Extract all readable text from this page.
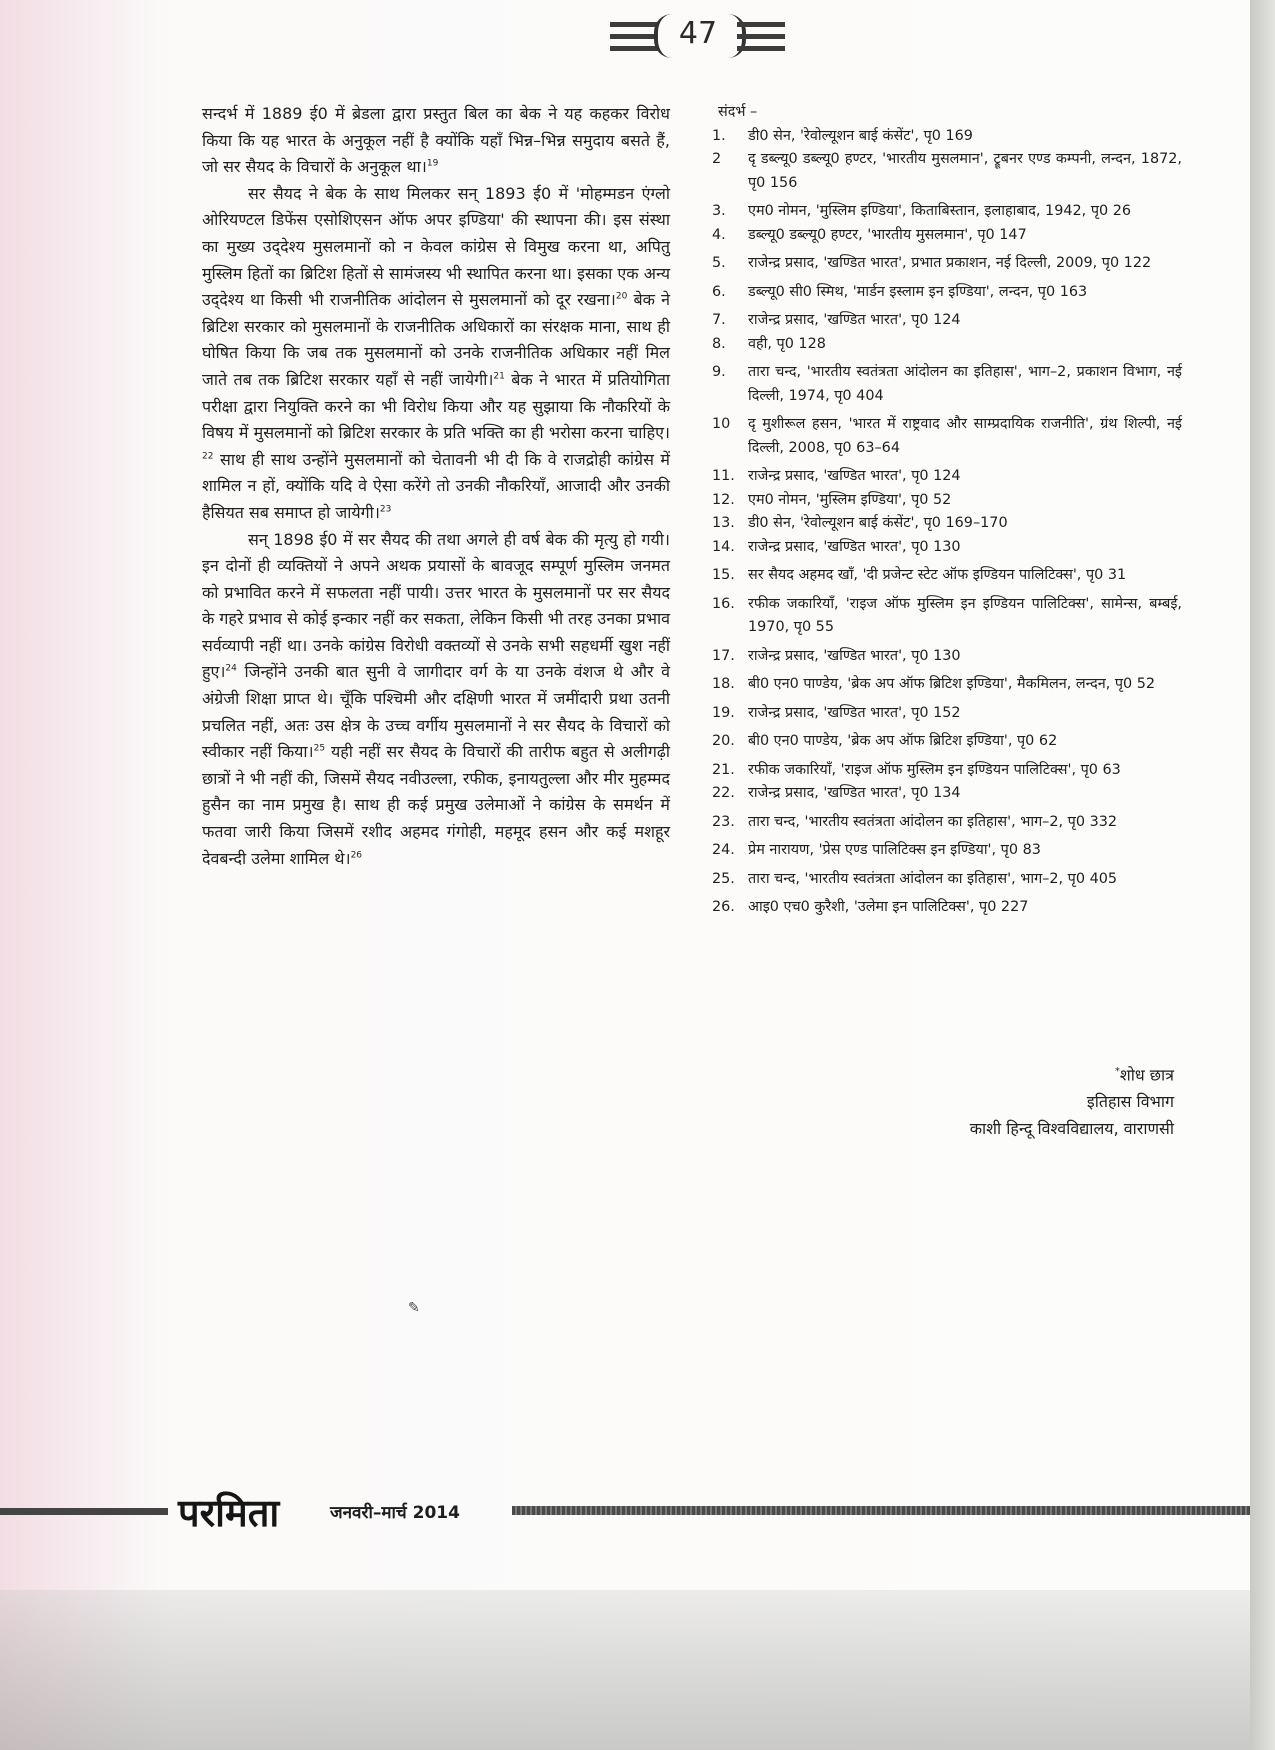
47

सन्दर्भ में 1889 ई0 में ब्रेडला द्वारा प्रस्तुत बिल का बेक ने यह कहकर विरोध किया कि यह भारत के अनुकूल नहीं है क्योंकि यहाँ भिन्न–भिन्न समुदाय बसते हैं, जो सर सैयद के विचारों के अनुकूल था।$^{19}$

सर सैयद ने बेक के साथ मिलकर सन् 1893 ई0 में 'मोहम्मडन एंग्लो ओरियण्टल डिफेंस एसोशिएसन ऑफ अपर इण्डिया' की स्थापना की। इस संस्था का मुख्य उद्‌देश्य मुसलमानों को न केवल कांग्रेस से विमुख करना था, अपितु मुस्लिम हितों का ब्रिटिश हितों से सामंजस्य भी स्थापित करना था। इसका एक अन्य उद्‌देश्य था किसी भी राजनीतिक आंदोलन से मुसलमानों को दूर रखना।$^{20}$ बेक ने ब्रिटिश सरकार को मुसलमानों के राजनीतिक अधिकारों का संरक्षक माना, साथ ही घोषित किया कि जब तक मुसलमानों को उनके राजनीतिक अधिकार नहीं मिल जाते तब तक ब्रिटिश सरकार यहाँ से नहीं जायेगी।$^{21}$ बेक ने भारत में प्रतियोगिता परीक्षा द्वारा नियुक्ति करने का भी विरोध किया और यह सुझाया कि नौकरियों के विषय में मुसलमानों को ब्रिटिश सरकार के प्रति भक्ति का ही भरोसा करना चाहिए।$^{22}$ साथ ही साथ उन्होंने मुसलमानों को चेतावनी भी दी कि वे राजद्रोही कांग्रेस में शामिल न हों, क्योंकि यदि वे ऐसा करेंगे तो उनकी नौकरियाँ, आजादी और उनकी हैसियत सब समाप्त हो जायेगी।$^{23}$

सन् 1898 ई0 में सर सैयद की तथा अगले ही वर्ष बेक की मृत्यु हो गयी। इन दोनों ही व्यक्तियों ने अपने अथक प्रयासों के बावजूद सम्पूर्ण मुस्लिम जनमत को प्रभावित करने में सफलता नहीं पायी। उत्तर भारत के मुसलमानों पर सर सैयद के गहरे प्रभाव से कोई इन्कार नहीं कर सकता, लेकिन किसी भी तरह उनका प्रभाव सर्वव्यापी नहीं था। उनके कांग्रेस विरोधी वक्तव्यों से उनके सभी सहधर्मी खुश नहीं हुए।$^{24}$ जिन्होंने उनकी बात सुनी वे जागीदार वर्ग के या उनके वंशज थे और वे अंग्रेजी शिक्षा प्राप्त थे। चूँकि पश्चिमी और दक्षिणी भारत में जमींदारी प्रथा उतनी प्रचलित नहीं, अतः उस क्षेत्र के उच्च वर्गीय मुसलमानों ने सर सैयद के विचारों को स्वीकार नहीं किया।$^{25}$ यही नहीं सर सैयद के विचारों की तारीफ बहुत से अलीगढ़ी छात्रों ने भी नहीं की, जिसमें सैयद नवीउल्ला, रफीक, इनायतुल्ला और मीर मुहम्मद हुसैन का नाम प्रमुख है। साथ ही कई प्रमुख उलेमाओं ने कांग्रेस के समर्थन में फतवा जारी किया जिसमें रशीद अहमद गंगोही, महमूद हसन और कई मशहूर देवबन्दी उलेमा शामिल थे।$^{26}$

संदर्भ –

1.	डी0 सेन, 'रेवोल्यूशन बाई कंसेंट', पृ0 169
2	दृ डब्ल्यू0 डब्ल्यू0 हण्टर, 'भारतीय मुसलमान', ट्रूबनर एण्ड कम्पनी, लन्दन, 1872, पृ0 156
3.	एम0 नोमन, 'मुस्लिम इण्डिया', किताबिस्तान, इलाहाबाद, 1942, पृ0 26
4.	डब्ल्यू0 डब्ल्यू0 हण्टर, 'भारतीय मुसलमान', पृ0 147
5.	राजेन्द्र प्रसाद, 'खण्डित भारत', प्रभात प्रकाशन, नई दिल्ली, 2009, पृ0 122
6.	डब्ल्यू0 सी0 स्मिथ, 'मार्डन इस्लाम इन इण्डिया', लन्दन, पृ0 163
7.	राजेन्द्र प्रसाद, 'खण्डित भारत', पृ0 124
8.	वही, पृ0 128
9.	तारा चन्द, 'भारतीय स्वतंत्रता आंदोलन का इतिहास', भाग–2, प्रकाशन विभाग, नई दिल्ली, 1974, पृ0 404
10	दृ मुशीरूल हसन, 'भारत में राष्ट्रवाद और साम्प्रदायिक राजनीति', ग्रंथ शिल्पी, नई दिल्ली, 2008, पृ0 63–64
11. राजेन्द्र प्रसाद, 'खण्डित भारत', पृ0 124
12. एम0 नोमन, 'मुस्लिम इण्डिया', पृ0 52
13. डी0 सेन, 'रेवोल्यूशन बाई कंसेंट', पृ0 169–170
14. राजेन्द्र प्रसाद, 'खण्डित भारत', पृ0 130
15. सर सैयद अहमद खाँ, 'दी प्रजेन्ट स्टेट ऑफ इण्डियन पालिटिक्स', पृ0 31
16. रफीक जकारियाँ, 'राइज ऑफ मुस्लिम इन इण्डियन पालिटिक्स', सामेन्स, बम्बई, 1970, पृ0 55
17. राजेन्द्र प्रसाद, 'खण्डित भारत', पृ0 130
18. बी0 एन0 पाण्डेय, 'ब्रेक अप ऑफ ब्रिटिश इण्डिया', मैकमिलन, लन्दन, पृ0 52
19. राजेन्द्र प्रसाद, 'खण्डित भारत', पृ0 152
20. बी0 एन0 पाण्डेय, 'ब्रेक अप ऑफ ब्रिटिश इण्डिया', पृ0 62
21. रफीक जकारियाँ, 'राइज ऑफ मुस्लिम इन इण्डियन पालिटिक्स', पृ0 63
22. राजेन्द्र प्रसाद, 'खण्डित भारत', पृ0 134
23. तारा चन्द, 'भारतीय स्वतंत्रता आंदोलन का इतिहास', भाग–2, पृ0 332
24. प्रेम नारायण, 'प्रेस एण्ड पालिटिक्स इन इण्डिया', पृ0 83
25. तारा चन्द, 'भारतीय स्वतंत्रता आंदोलन का इतिहास', भाग–2, पृ0 405
26. आइ0 एच0 कुरैशी, 'उलेमा इन पालिटिक्स', पृ0 227
*शोध छात्र
इतिहास विभाग
काशी हिन्दू विश्वविद्यालय, वाराणसी
✎
परमिता	जनवरी–मार्च 2014
